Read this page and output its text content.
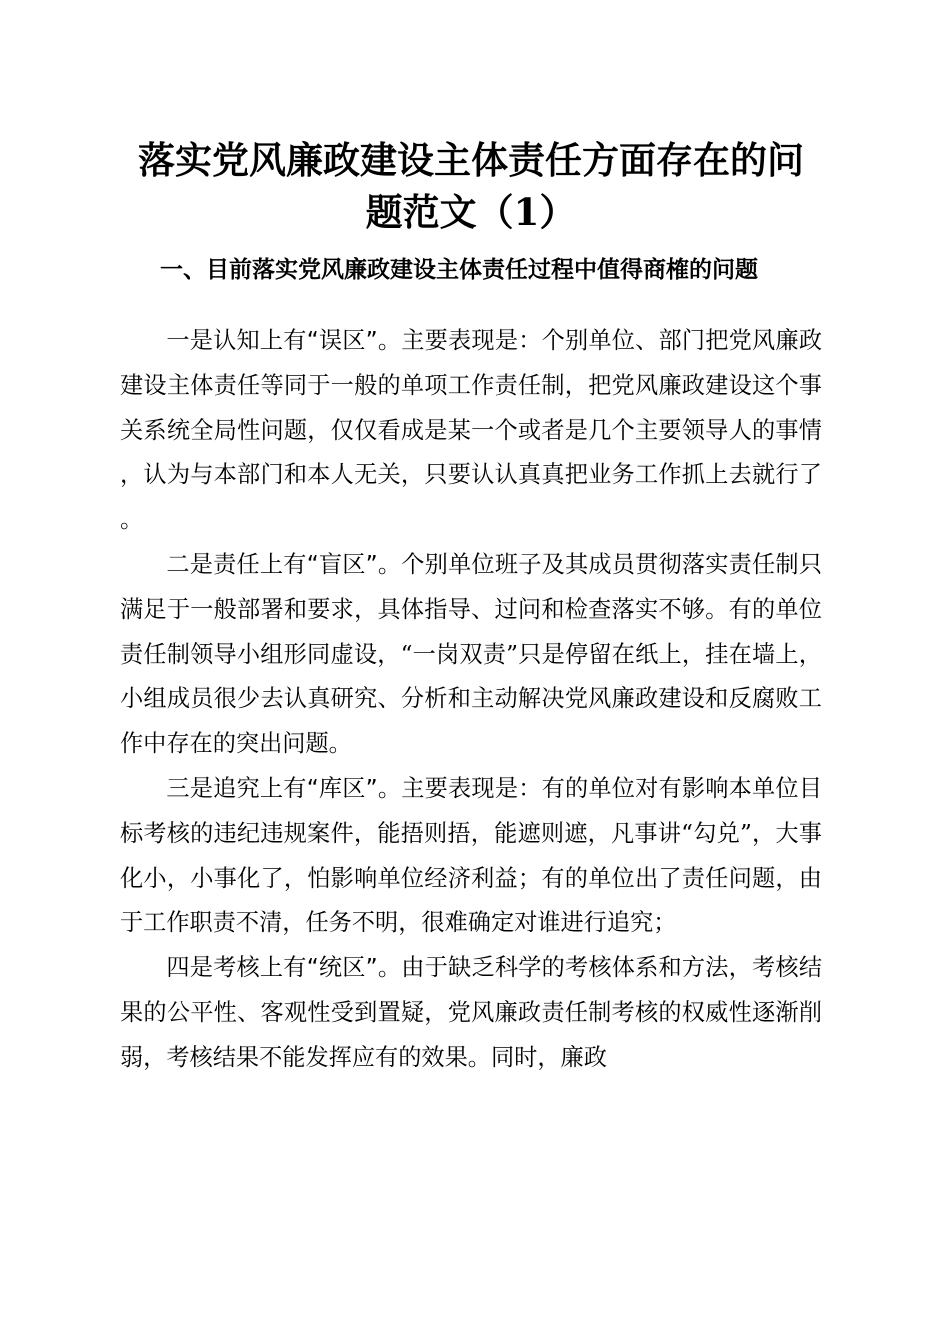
落实党风廉政建设主体责任方面存在的问题范文（1）
一、目前落实党风廉政建设主体责任过程中值得商榷的问题

一是认知上有“误区”。主要表现是：个别单位、部门把党风廉政建设主体责任等同于一般的单项工作责任制，把党风廉政建设这个事关系统全局性问题，仅仅看成是某一个或者是几个主要领导人的事情，认为与本部门和本人无关，只要认认真真把业务工作抓上去就行了。

二是责任上有“盲区”。个别单位班子及其成员贯彻落实责任制只满足于一般部署和要求，具体指导、过问和检查落实不够。有的单位责任制领导小组形同虚设，“一岗双责”只是停留在纸上，挂在墙上，小组成员很少去认真研究、分析和主动解决党风廉政建设和反腐败工作中存在的突出问题。

三是追究上有“库区”。主要表现是：有的单位对有影响本单位目标考核的违纪违规案件，能捂则捂，能遮则遮，凡事讲“勾兑”，大事化小，小事化了，怕影响单位经济利益；有的单位出了责任问题，由于工作职责不清，任务不明，很难确定对谁进行追究；

四是考核上有“统区”。由于缺乏科学的考核体系和方法，考核结果的公平性、客观性受到置疑，党风廉政责任制考核的权威性逐渐削弱，考核结果不能发挥应有的效果。同时，廉政
